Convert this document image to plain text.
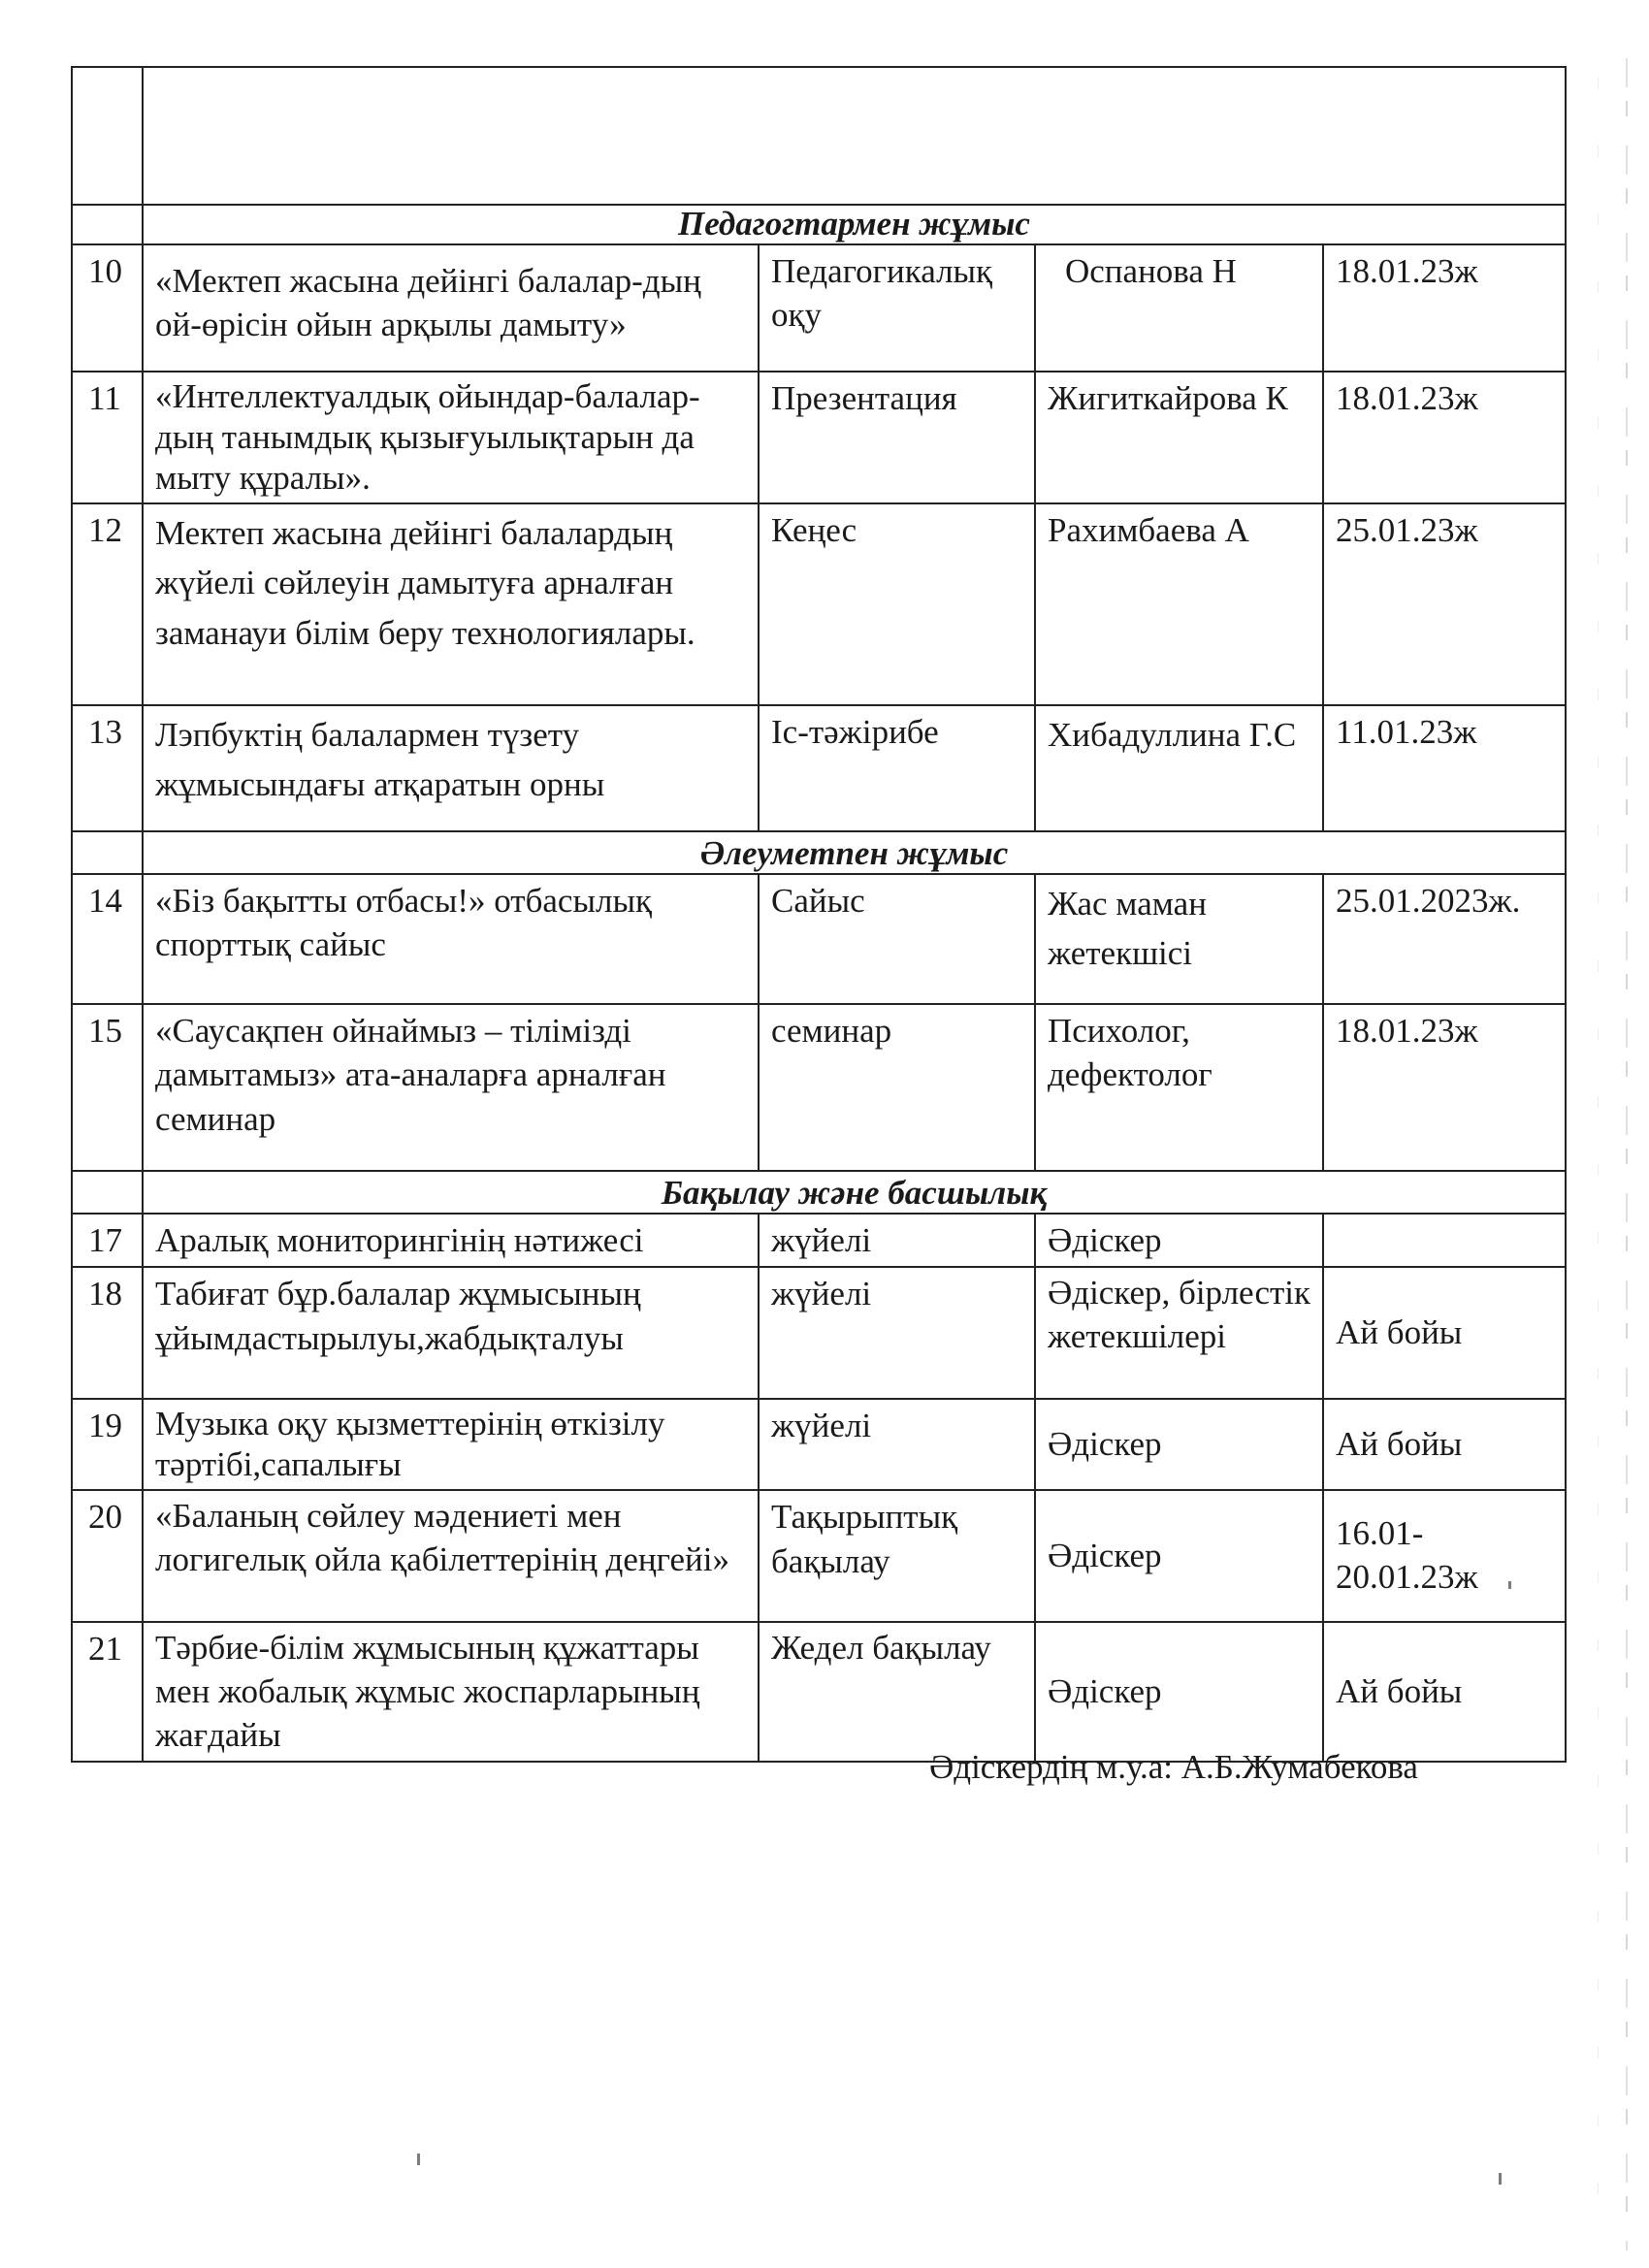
	Педагогтармен жұмыс			
10	«Мектеп жасына дейінгі балалар-дың ой-өрісін ойын арқылы дамыту»	Педагогикалық оқу	Оспанова Н	18.01.23ж
11	«Интеллектуалдық ойындар-балалар-дың танымдық қызығуылықтарын да мыту құралы».	Презентация	Жигиткайрова К	18.01.23ж
12	Мектеп жасына дейінгі балалардың жүйелі сөйлеуін дамытуға арналған заманауи білім беру технологиялары.	Кеңес	Рахимбаева А	25.01.23ж
13	Лэпбуктің балалармен түзету жұмысындағы атқаратын орны	Іс-тәжірибе	Хибадуллина Г.С	11.01.23ж
	Әлеуметпен жұмыс			
14	«Біз бақытты отбасы!» отбасылық спорттық сайыс	Сайыс	Жас маман жетекшісі	25.01.2023ж.
15	«Саусақпен ойнаймыз – тілімізді дамытамыз» ата-аналарға арналған семинар	семинар	Психолог, дефектолог	18.01.23ж
	Бақылау және басшылық			
17	Аралық мониторингінің нәтижесі	жүйелі	Әдіскер	
18	Табиғат бұр.балалар жұмысының ұйымдастырылуы,жабдықталуы	жүйелі	Әдіскер, бірлестік жетекшілері	Ай бойы
19	Музыка оқу қызметтерінің өткізілу тәртібі,сапалығы	жүйелі	Әдіскер	Ай бойы
20	«Баланың сөйлеу мәдениеті мен логигелық ойла қабілеттерінің деңгейі»	Тақырыптық бақылау	Әдіскер	16.01-20.01.23ж
21	Тәрбие-білім жұмысының құжаттары мен жобалық жұмыс жоспарларының жағдайы	Жедел бақылау	Әдіскер	Ай бойы
Әдіскердің м.у.а: А.Б.Жумабекова
